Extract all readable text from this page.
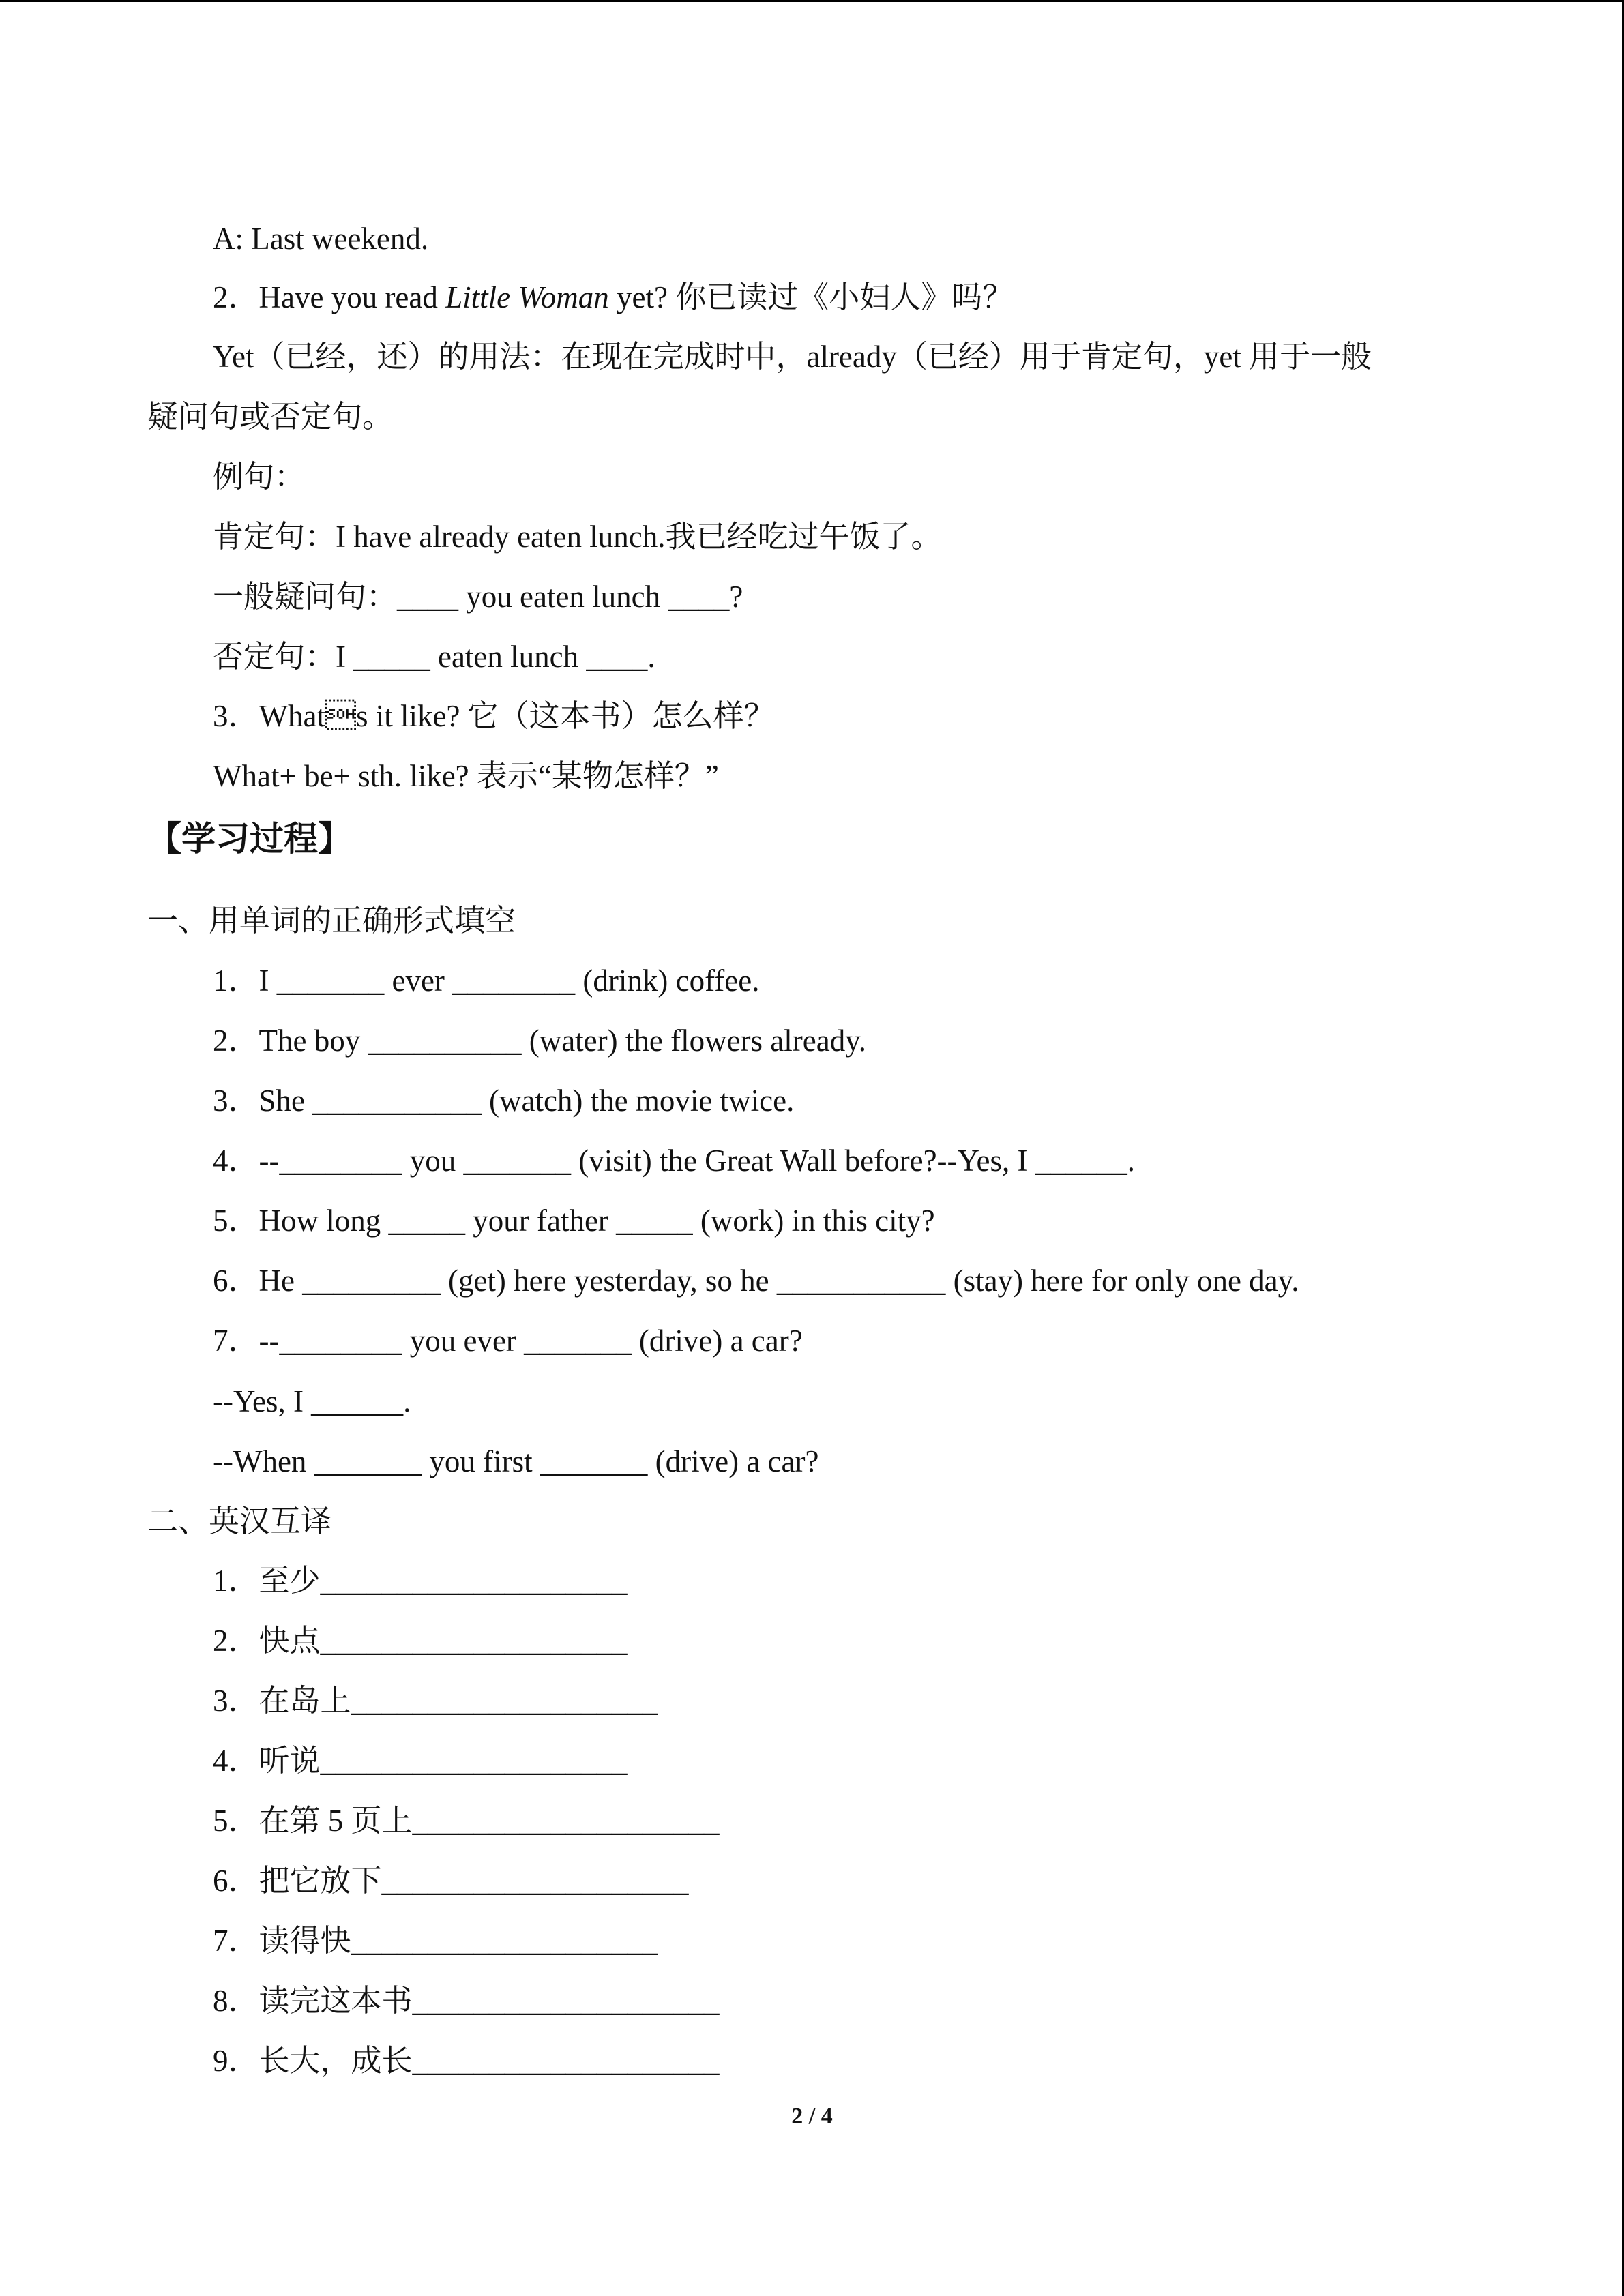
A: Last weekend.
2．Have you read Little Woman yet? 你已读过《小妇人》吗？
Yet（已经，还）的用法：在现在完成时中，already（已经）用于肯定句，yet 用于一般
疑问句或否定句。
例句：
肯定句：I have already eaten lunch.我已经吃过午饭了。
一般疑问句：____ you eaten lunch ____?
否定句：I _____ eaten lunch ____.
3．Whats it like? 它（这本书）怎么样？
What+ be+ sth. like? 表示“某物怎样？”
【学习过程】
一、用单词的正确形式填空
1．I _______ ever ________ (drink) coffee.
2．The boy __________ (water) the flowers already.
3．She ___________ (watch) the movie twice.
4．--________ you _______ (visit) the Great Wall before?--Yes, I ______.
5．How long _____ your father _____ (work) in this city?
6．He _________ (get) here yesterday, so he ___________ (stay) here for only one day.
7．--________ you ever _______ (drive) a car?
--Yes, I ______.
--When _______ you first _______ (drive) a car?
二、英汉互译
1．至少____________________
2．快点____________________
3．在岛上____________________
4．听说____________________
5．在第 5 页上____________________
6．把它放下____________________
7．读得快____________________
8．读完这本书____________________
9．长大，成长____________________
2 / 4
